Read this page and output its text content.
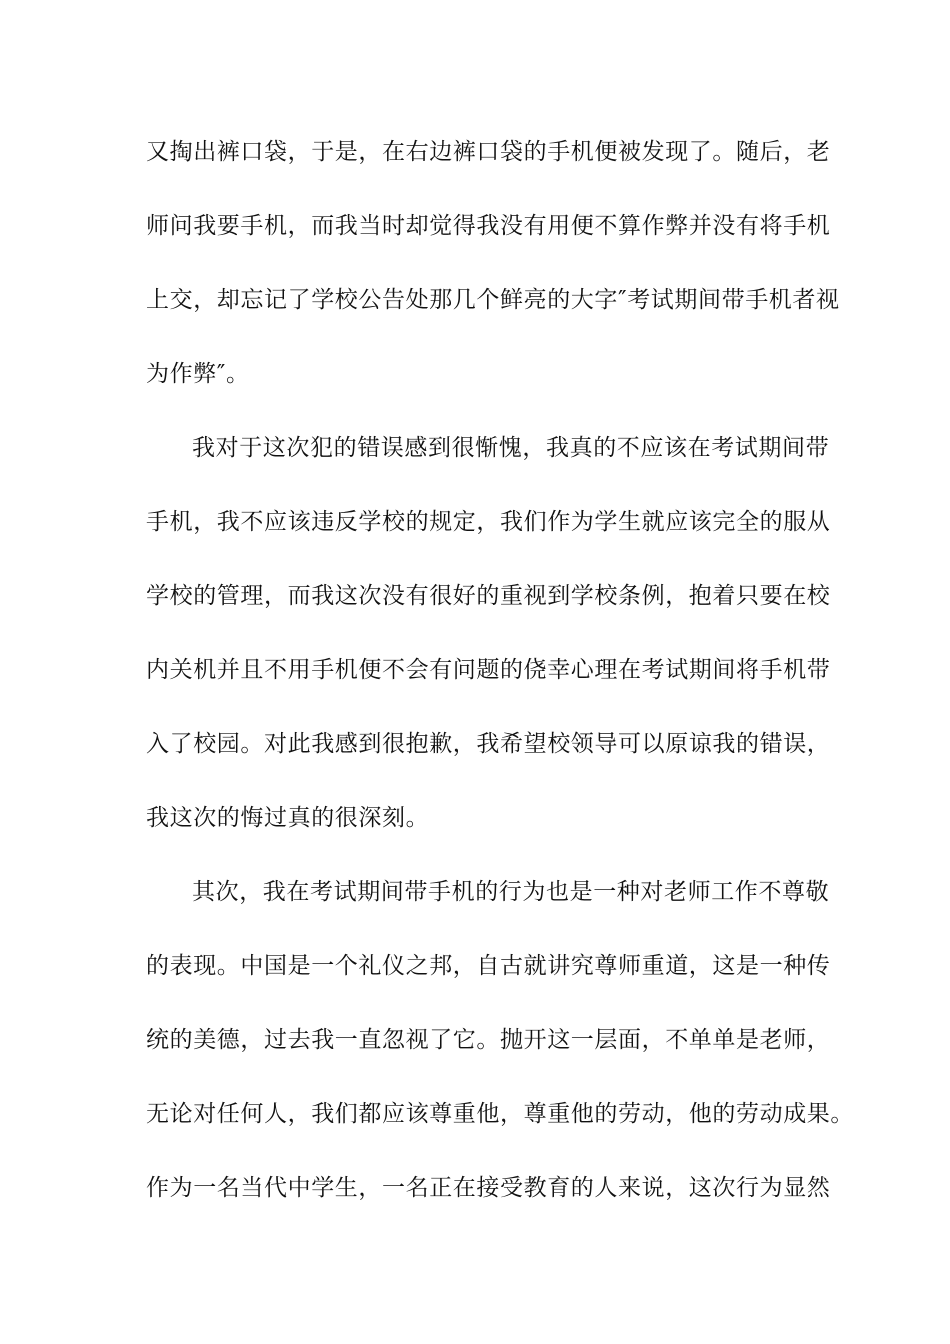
又掏出裤口袋，于是，在右边裤口袋的手机便被发现了。随后，老
师问我要手机，而我当时却觉得我没有用便不算作弊并没有将手机
上交，却忘记了学校公告处那几个鲜亮的大字″考试期间带手机者视
为作弊″。
我对于这次犯的错误感到很惭愧，我真的不应该在考试期间带
手机，我不应该违反学校的规定，我们作为学生就应该完全的服从
学校的管理，而我这次没有很好的重视到学校条例，抱着只要在校
内关机并且不用手机便不会有问题的侥幸心理在考试期间将手机带
入了校园。对此我感到很抱歉，我希望校领导可以原谅我的错误，
我这次的悔过真的很深刻。
其次，我在考试期间带手机的行为也是一种对老师工作不尊敬
的表现。中国是一个礼仪之邦，自古就讲究尊师重道，这是一种传
统的美德，过去我一直忽视了它。抛开这一层面，不单单是老师，
无论对任何人，我们都应该尊重他，尊重他的劳动，他的劳动成果。
作为一名当代中学生，一名正在接受教育的人来说，这次行为显然
